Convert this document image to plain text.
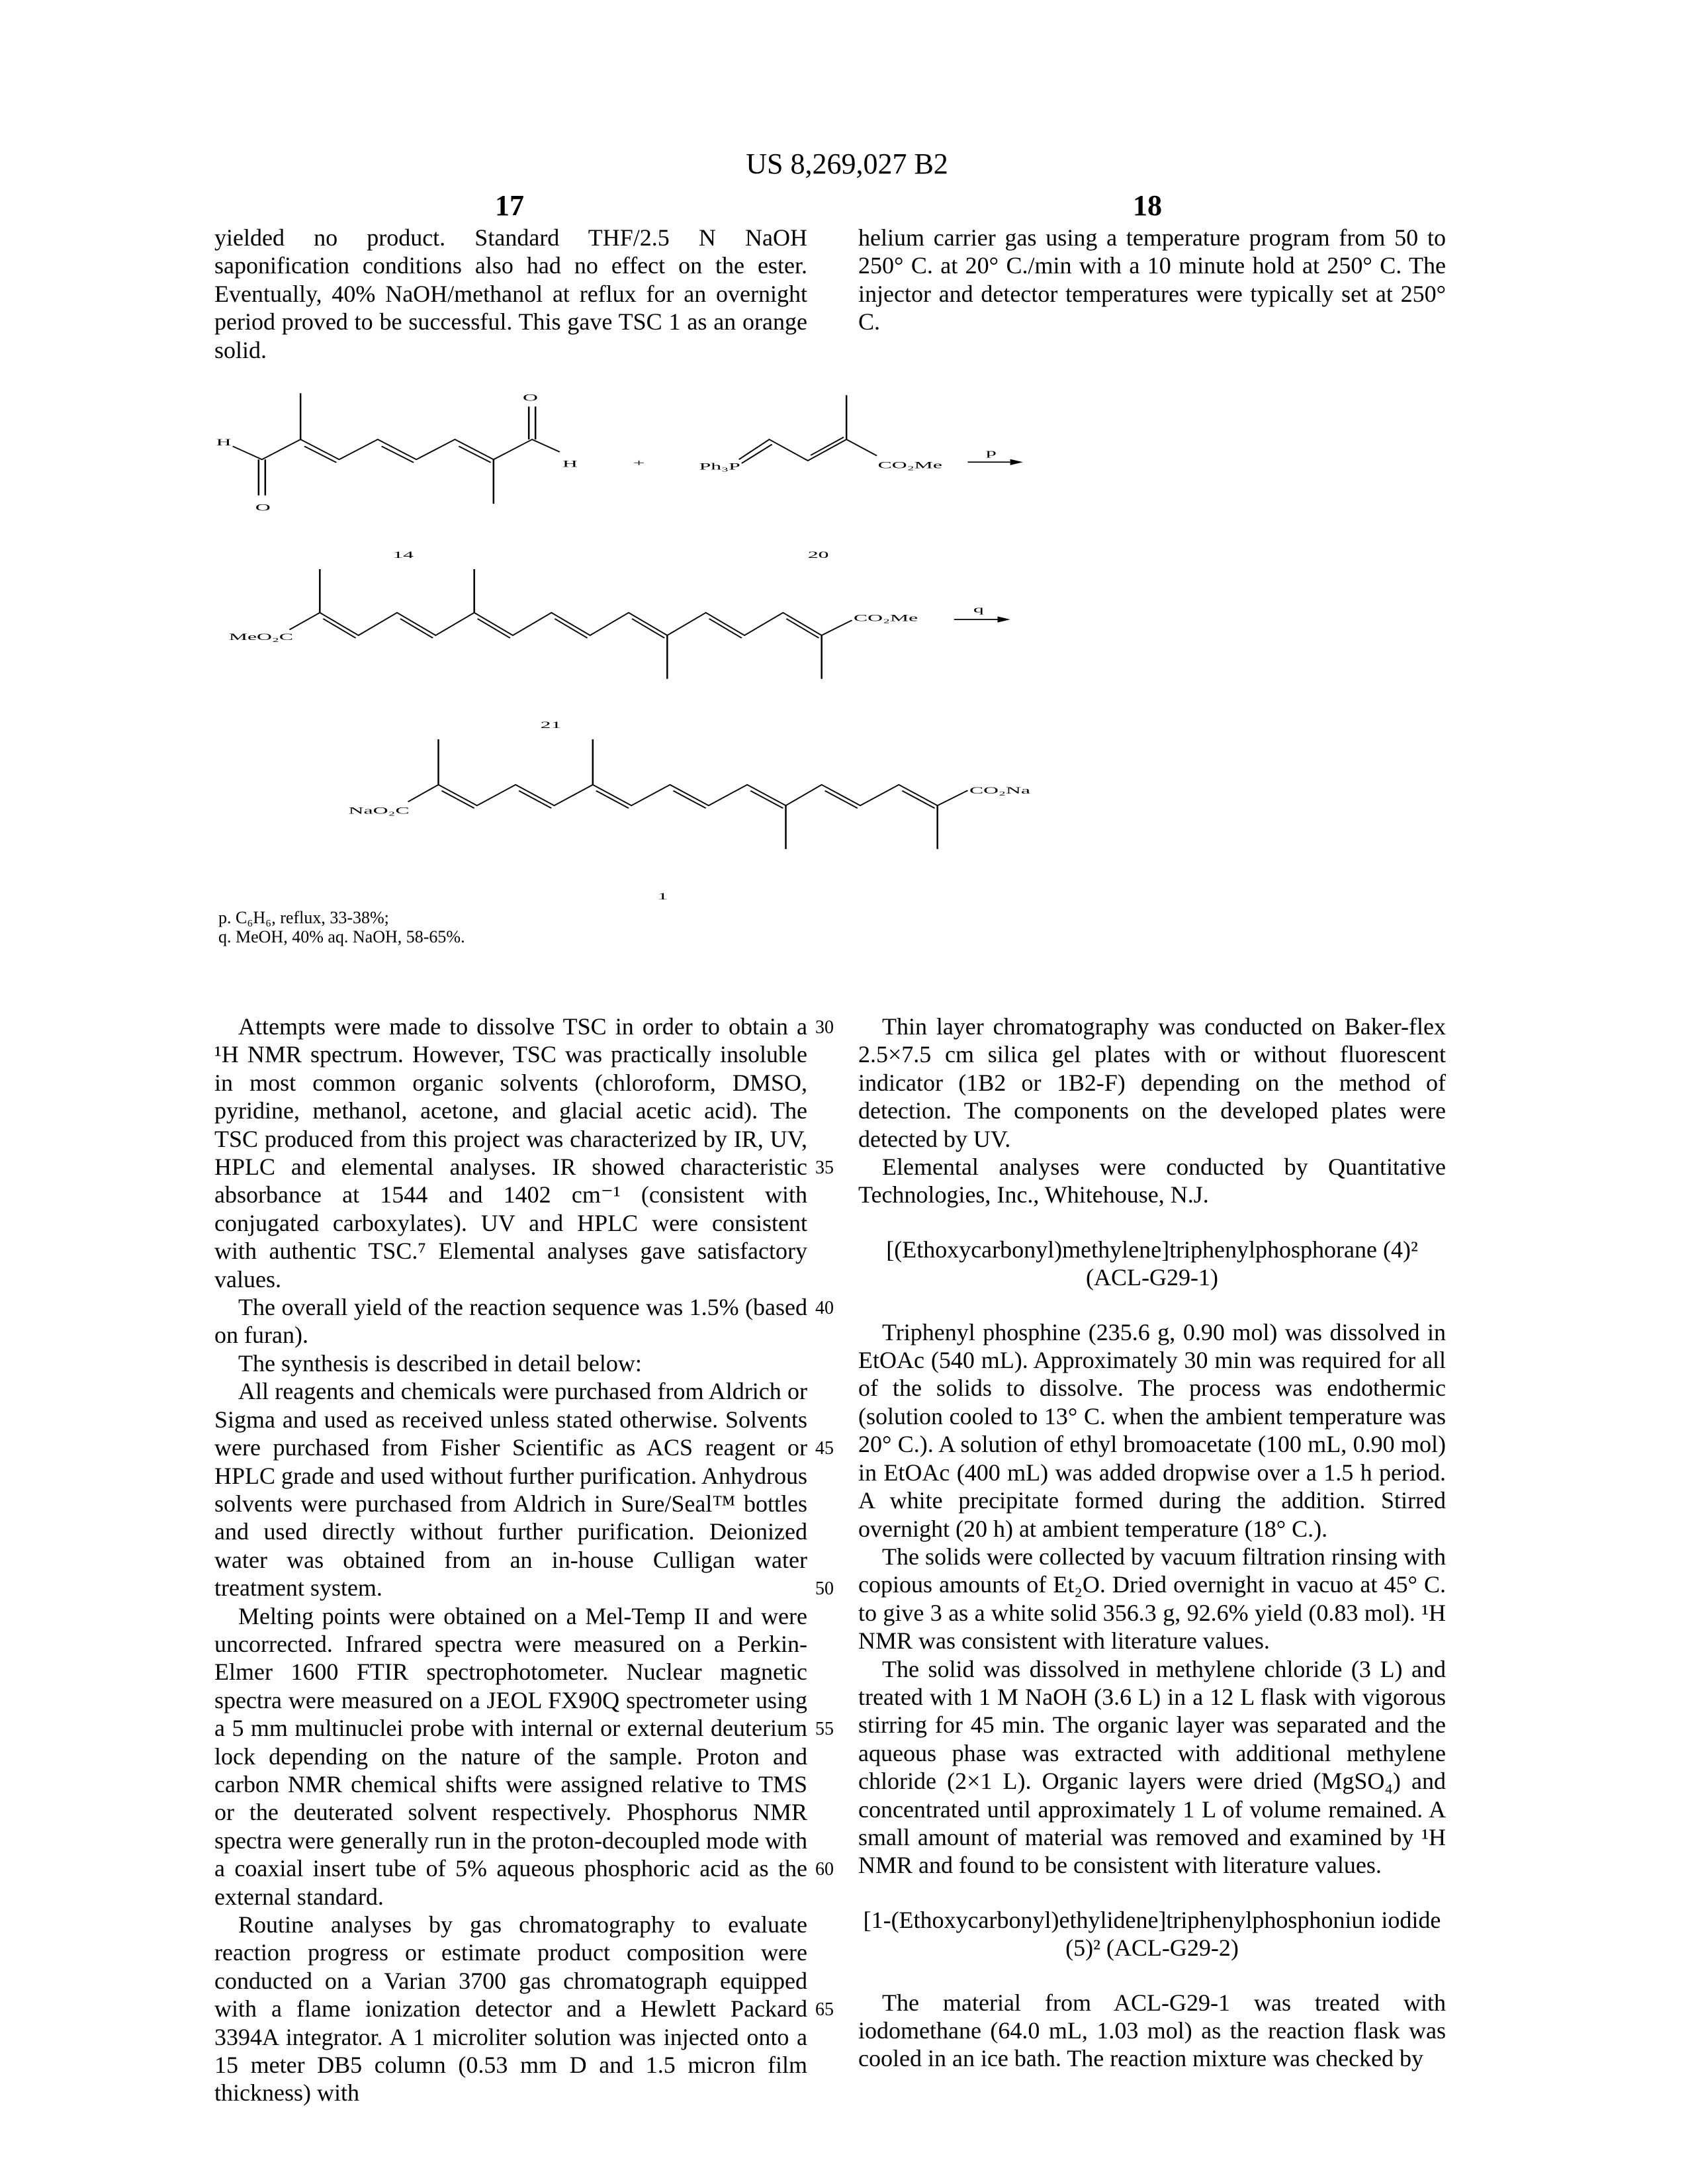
US 8,269,027 B2
17	18

yielded no product. Standard THF/2.5 N NaOH saponification conditions also had no effect on the ester. Eventually, 40% NaOH/methanol at reflux for an overnight period proved to be successful. This gave TSC 1 as an orange solid.

helium carrier gas using a temperature program from 50 to 250° C. at 20° C./min with a 10 minute hold at 250° C. The injector and detector temperatures were typically set at 250° C.

H
O
O
H + Ph₃P	CO₂Me
p
14	20
MeO₂C
CO₂Me
q
21
NaO₂C
CO₂Na
1
p. C₆H₆, reflux, 33-38%;
q. MeOH, 40% aq. NaOH, 58-65%.

Attempts were made to dissolve TSC in order to obtain a ¹H NMR spectrum. However, TSC was practically insoluble in most common organic solvents (chloroform, DMSO, pyridine, methanol, acetone, and glacial acetic acid). The TSC produced from this project was characterized by IR, UV, HPLC and elemental analyses. IR showed characteristic absorbance at 1544 and 1402 cm⁻¹ (consistent with conjugated carboxylates). UV and HPLC were consistent with authentic TSC.⁷ Elemental analyses gave satisfactory values.

The overall yield of the reaction sequence was 1.5% (based on furan).

The synthesis is described in detail below:

All reagents and chemicals were purchased from Aldrich or Sigma and used as received unless stated otherwise. Solvents were purchased from Fisher Scientific as ACS reagent or HPLC grade and used without further purification. Anhydrous solvents were purchased from Aldrich in Sure/Seal™ bottles and used directly without further purification. Deionized water was obtained from an in-house Culligan water treatment system.

Melting points were obtained on a Mel-Temp II and were uncorrected. Infrared spectra were measured on a Perkin-Elmer 1600 FTIR spectrophotometer. Nuclear magnetic spectra were measured on a JEOL FX90Q spectrometer using a 5 mm multinuclei probe with internal or external deuterium lock depending on the nature of the sample. Proton and carbon NMR chemical shifts were assigned relative to TMS or the deuterated solvent respectively. Phosphorus NMR spectra were generally run in the proton-decoupled mode with a coaxial insert tube of 5% aqueous phosphoric acid as the external standard.

Routine analyses by gas chromatography to evaluate reaction progress or estimate product composition were conducted on a Varian 3700 gas chromatograph equipped with a flame ionization detector and a Hewlett Packard 3394A integrator. A 1 microliter solution was injected onto a 15 meter DB5 column (0.53 mm D and 1.5 micron film thickness) with

Thin layer chromatography was conducted on Baker-flex 2.5×7.5 cm silica gel plates with or without fluorescent indicator (1B2 or 1B2-F) depending on the method of detection. The components on the developed plates were detected by UV.

Elemental analyses were conducted by Quantitative Technologies, Inc., Whitehouse, N.J.

[(Ethoxycarbonyl)methylene]triphenylphosphorane (4)² (ACL-G29-1)

Triphenyl phosphine (235.6 g, 0.90 mol) was dissolved in EtOAc (540 mL). Approximately 30 min was required for all of the solids to dissolve. The process was endothermic (solution cooled to 13° C. when the ambient temperature was 20° C.). A solution of ethyl bromoacetate (100 mL, 0.90 mol) in EtOAc (400 mL) was added dropwise over a 1.5 h period. A white precipitate formed during the addition. Stirred overnight (20 h) at ambient temperature (18° C.).

The solids were collected by vacuum filtration rinsing with copious amounts of Et₂O. Dried overnight in vacuo at 45° C. to give 3 as a white solid 356.3 g, 92.6% yield (0.83 mol). ¹H NMR was consistent with literature values.

The solid was dissolved in methylene chloride (3 L) and treated with 1 M NaOH (3.6 L) in a 12 L flask with vigorous stirring for 45 min. The organic layer was separated and the aqueous phase was extracted with additional methylene chloride (2×1 L). Organic layers were dried (MgSO₄) and concentrated until approximately 1 L of volume remained. A small amount of material was removed and examined by ¹H NMR and found to be consistent with literature values.

[1-(Ethoxycarbonyl)ethylidene]triphenylphosphoniun iodide (5)² (ACL-G29-2)

The material from ACL-G29-1 was treated with iodomethane (64.0 mL, 1.03 mol) as the reaction flask was cooled in an ice bath. The reaction mixture was checked by

30
35
40
45
50
55
60
65
